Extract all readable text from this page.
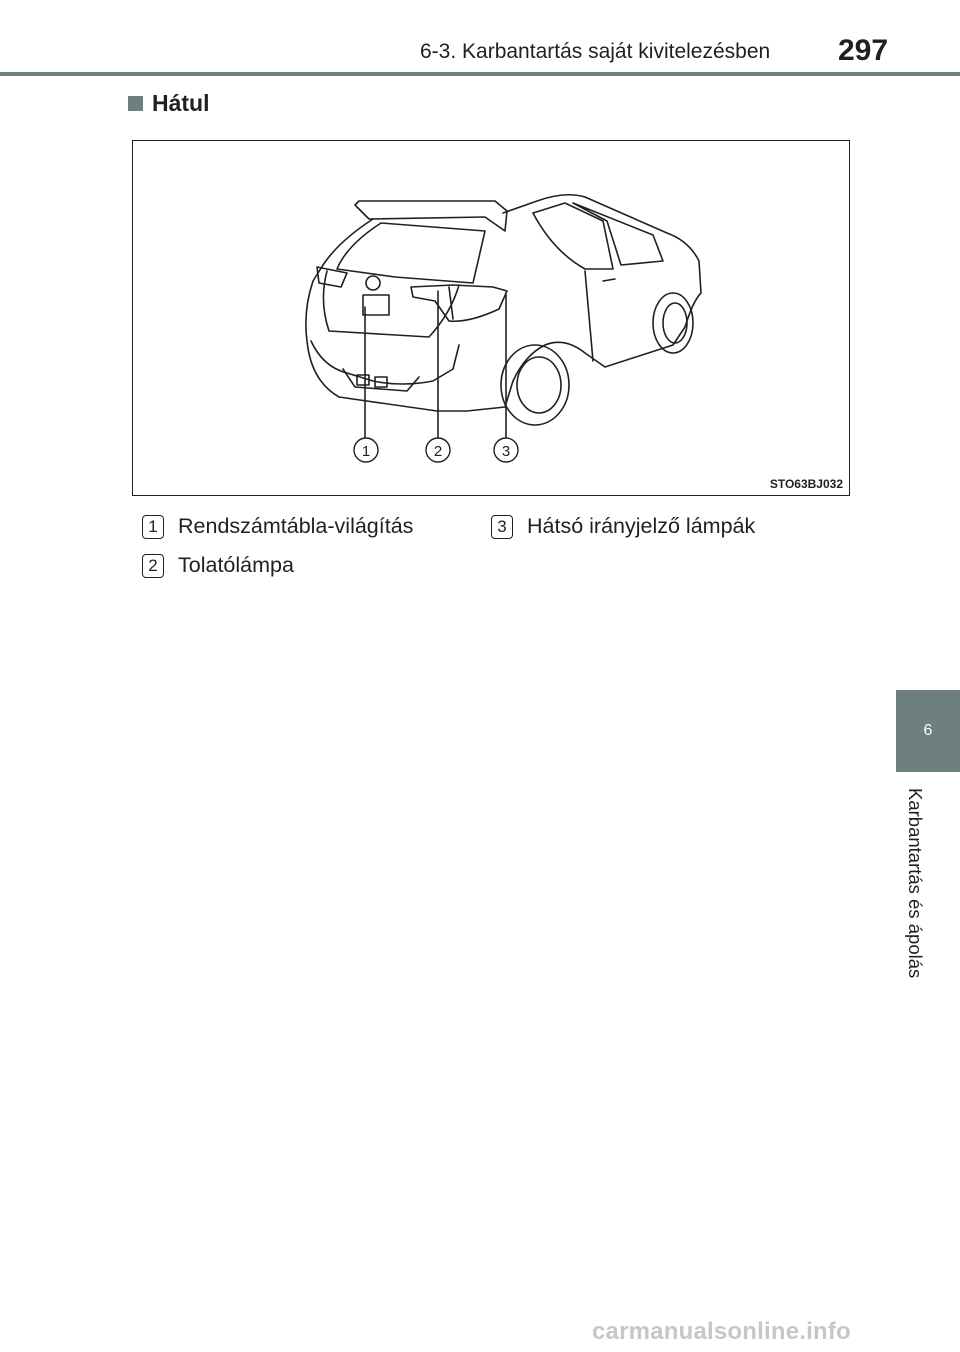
6-3. Karbantartás saját kivitelezésben 297
Hátul
1	2	3
STO63BJ032
1 Rendszámtábla-világítás
2 Tolatólámpa
3 Hátsó irányjelző lámpák
6
Karbantartás és ápolás
carmanualsonline.info
